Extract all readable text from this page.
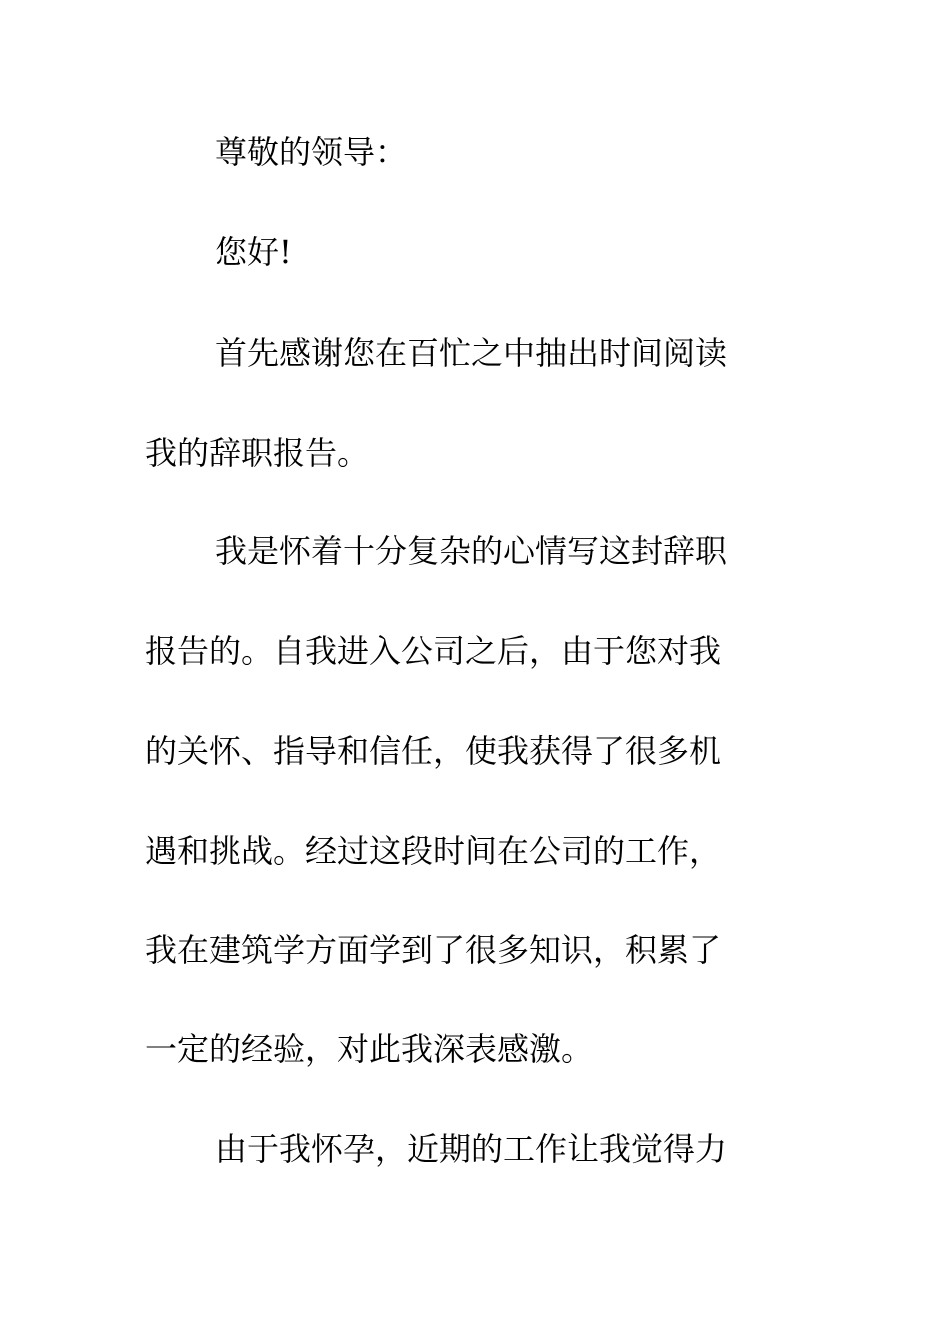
尊敬的领导：
您好!
首先感谢您在百忙之中抽出时间阅读
我的辞职报告。
我是怀着十分复杂的心情写这封辞职
报告的。自我进入公司之后，由于您对我
的关怀、指导和信任，使我获得了很多机
遇和挑战。经过这段时间在公司的工作，
我在建筑学方面学到了很多知识，积累了
一定的经验，对此我深表感激。
由于我怀孕，近期的工作让我觉得力
